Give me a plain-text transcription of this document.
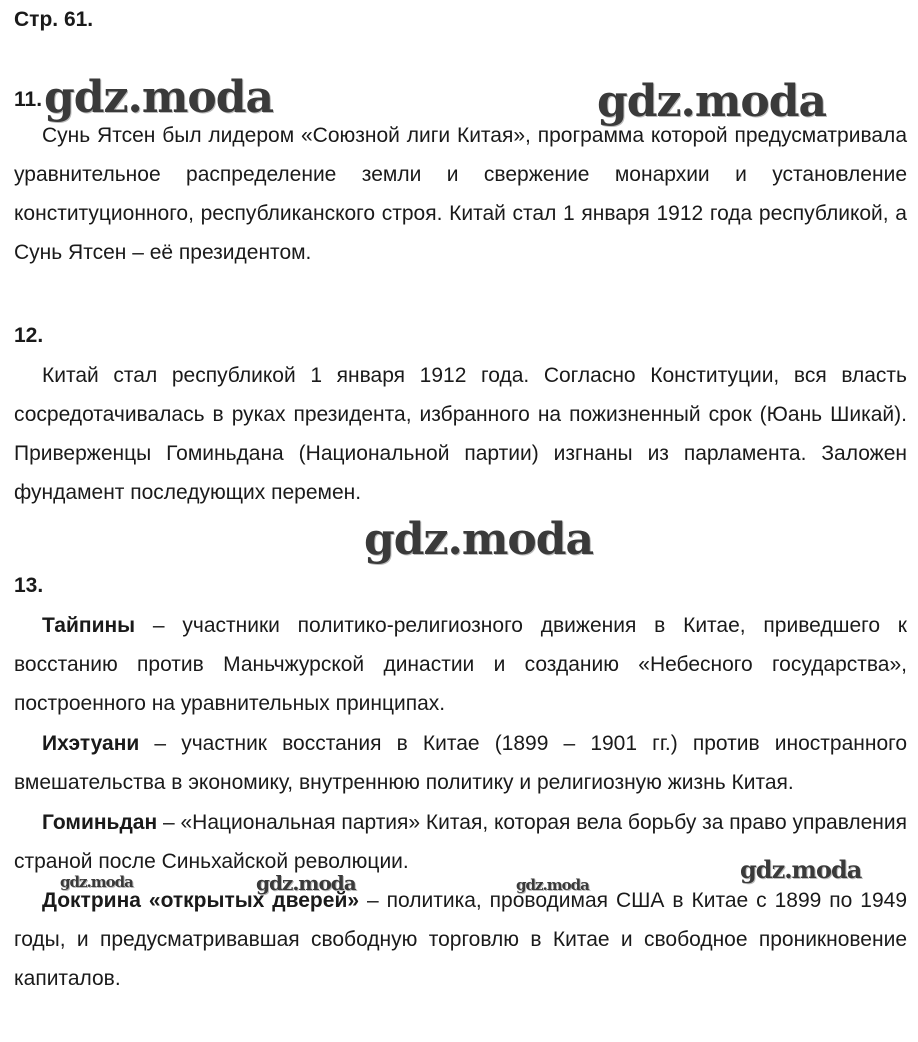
Стр. 61.
11.
Сунь Ятсен был лидером «Союзной лиги Китая», программа которой предусматривала уравнительное распределение земли и свержение монархии и установление конституционного, республиканского строя. Китай стал 1 января 1912 года республикой, а Сунь Ятсен – её президентом.
12.
Китай стал республикой 1 января 1912 года. Согласно Конституции, вся власть сосредотачивалась в руках президента, избранного на пожизненный срок (Юань Шикай). Приверженцы Гоминьдана (Национальной партии) изгнаны из парламента. Заложен фундамент последующих перемен.
13.
Тайпины – участники политико-религиозного движения в Китае, приведшего к восстанию против Маньчжурской династии и созданию «Небесного государства», построенного на уравнительных принципах.
Ихэтуани – участник восстания в Китае (1899 – 1901 гг.) против иностранного вмешательства в экономику, внутреннюю политику и религиозную жизнь Китая.
Гоминьдан – «Национальная партия» Китая, которая вела борьбу за право управления страной после Синьхайской революции.
Доктрина «открытых дверей» – политика, проводимая США в Китае с 1899 по 1949 годы, и предусматривавшая свободную торговлю в Китае и свободное проникновение капиталов.
gdz.moda	gdz.moda
gdz.moda
gdz.moda
gdz.moda	gdz.moda	gdz.moda
